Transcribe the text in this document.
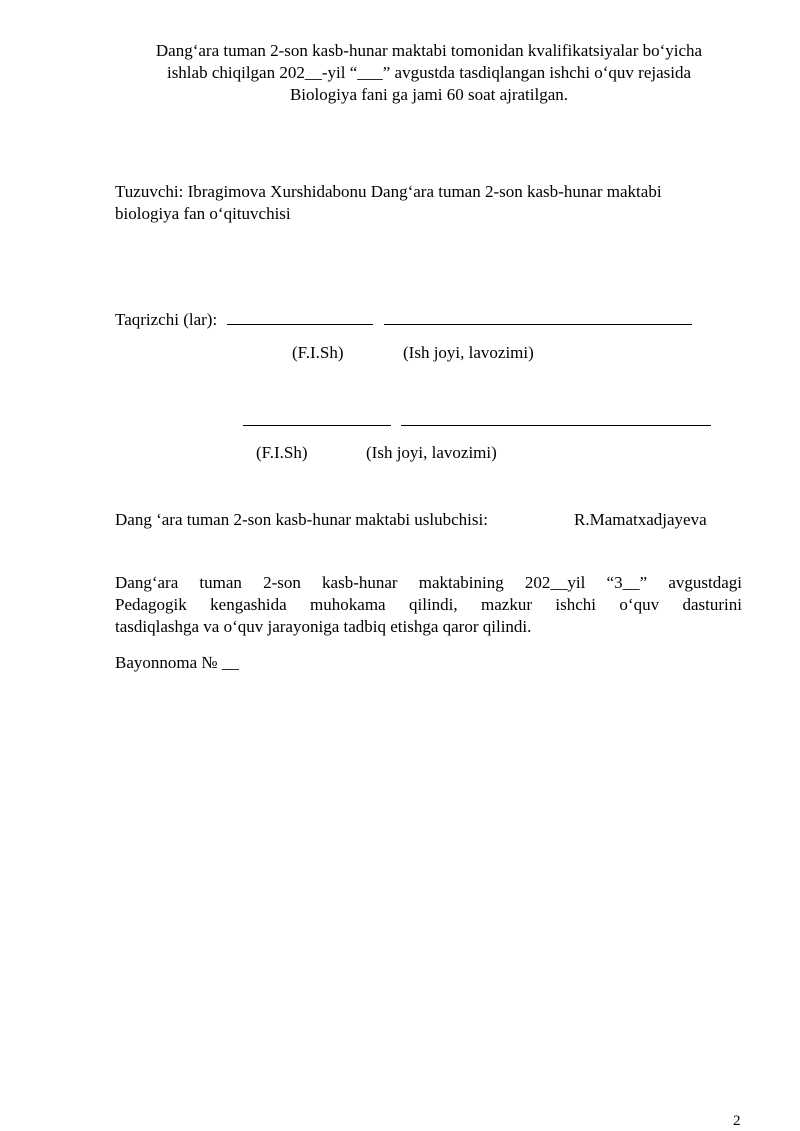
Dang‘ara tuman 2-son kasb-hunar maktabi tomonidan kvalifikatsiyalar bo‘yicha

ishlab chiqilgan 202__-yil “___” avgustda tasdiqlangan ishchi o‘quv rejasida

Biologiya fani ga jami 60 soat ajratilgan.

Tuzuvchi: Ibragimova Xurshidabonu Dang‘ara tuman 2-son kasb-hunar maktabi

biologiya fan o‘qituvchisi

Taqrizchi (lar):
(F.I.Sh)	(Ish joyi, lavozimi)

(F.I.Sh)	(Ish joyi, lavozimi)
Dang ‘ara tuman 2-son kasb-hunar maktabi uslubchisi:	R.Mamatxadjayeva

Dang‘ara tuman 2-son kasb-hunar maktabining 202__yil “3__” avgustdagi

Pedagogik kengashida muhokama qilindi, mazkur ishchi o‘quv dasturini

tasdiqlashga va o‘quv jarayoniga tadbiq etishga qaror qilindi.

Bayonnoma № __
2
